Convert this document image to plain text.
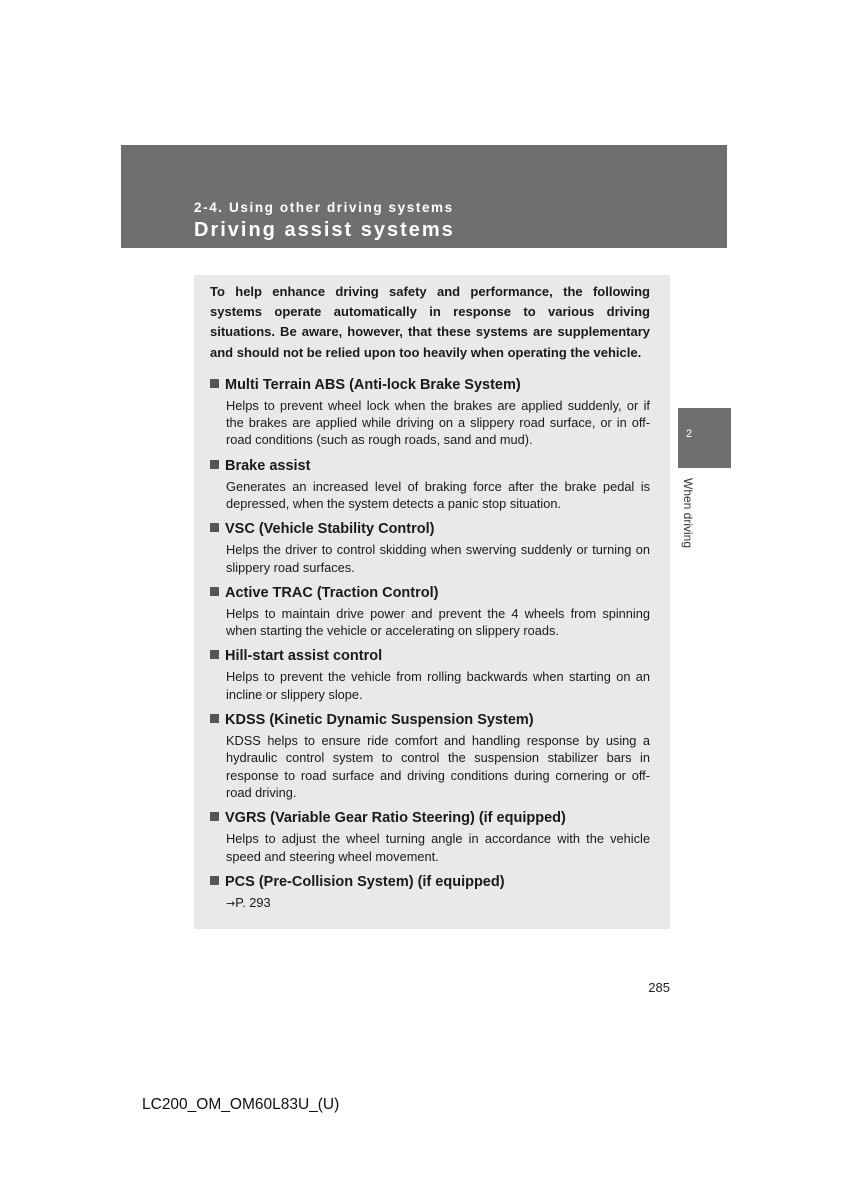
2-4. Using other driving systems
Driving assist systems

To help enhance driving safety and performance, the following systems operate automatically in response to various driving situations. Be aware, however, that these systems are supplementary and should not be relied upon too heavily when operating the vehicle.

Multi Terrain ABS (Anti-lock Brake System)
Helps to prevent wheel lock when the brakes are applied suddenly, or if the brakes are applied while driving on a slippery road surface, or in off-road conditions (such as rough roads, sand and mud).
Brake assist
Generates an increased level of braking force after the brake pedal is depressed, when the system detects a panic stop situation.
VSC (Vehicle Stability Control)
Helps the driver to control skidding when swerving suddenly or turning on slippery road surfaces.
Active TRAC (Traction Control)
Helps to maintain drive power and prevent the 4 wheels from spinning when starting the vehicle or accelerating on slippery roads.
Hill-start assist control
Helps to prevent the vehicle from rolling backwards when starting on an incline or slippery slope.
KDSS (Kinetic Dynamic Suspension System)
KDSS helps to ensure ride comfort and handling response by using a hydraulic control system to control the suspension stabilizer bars in response to road surface and driving conditions during cornering or off-road driving.
VGRS (Variable Gear Ratio Steering) (if equipped)
Helps to adjust the wheel turning angle in accordance with the vehicle speed and steering wheel movement.
PCS (Pre-Collision System) (if equipped)
→P. 293
2
When driving
285
LC200_OM_OM60L83U_(U)
